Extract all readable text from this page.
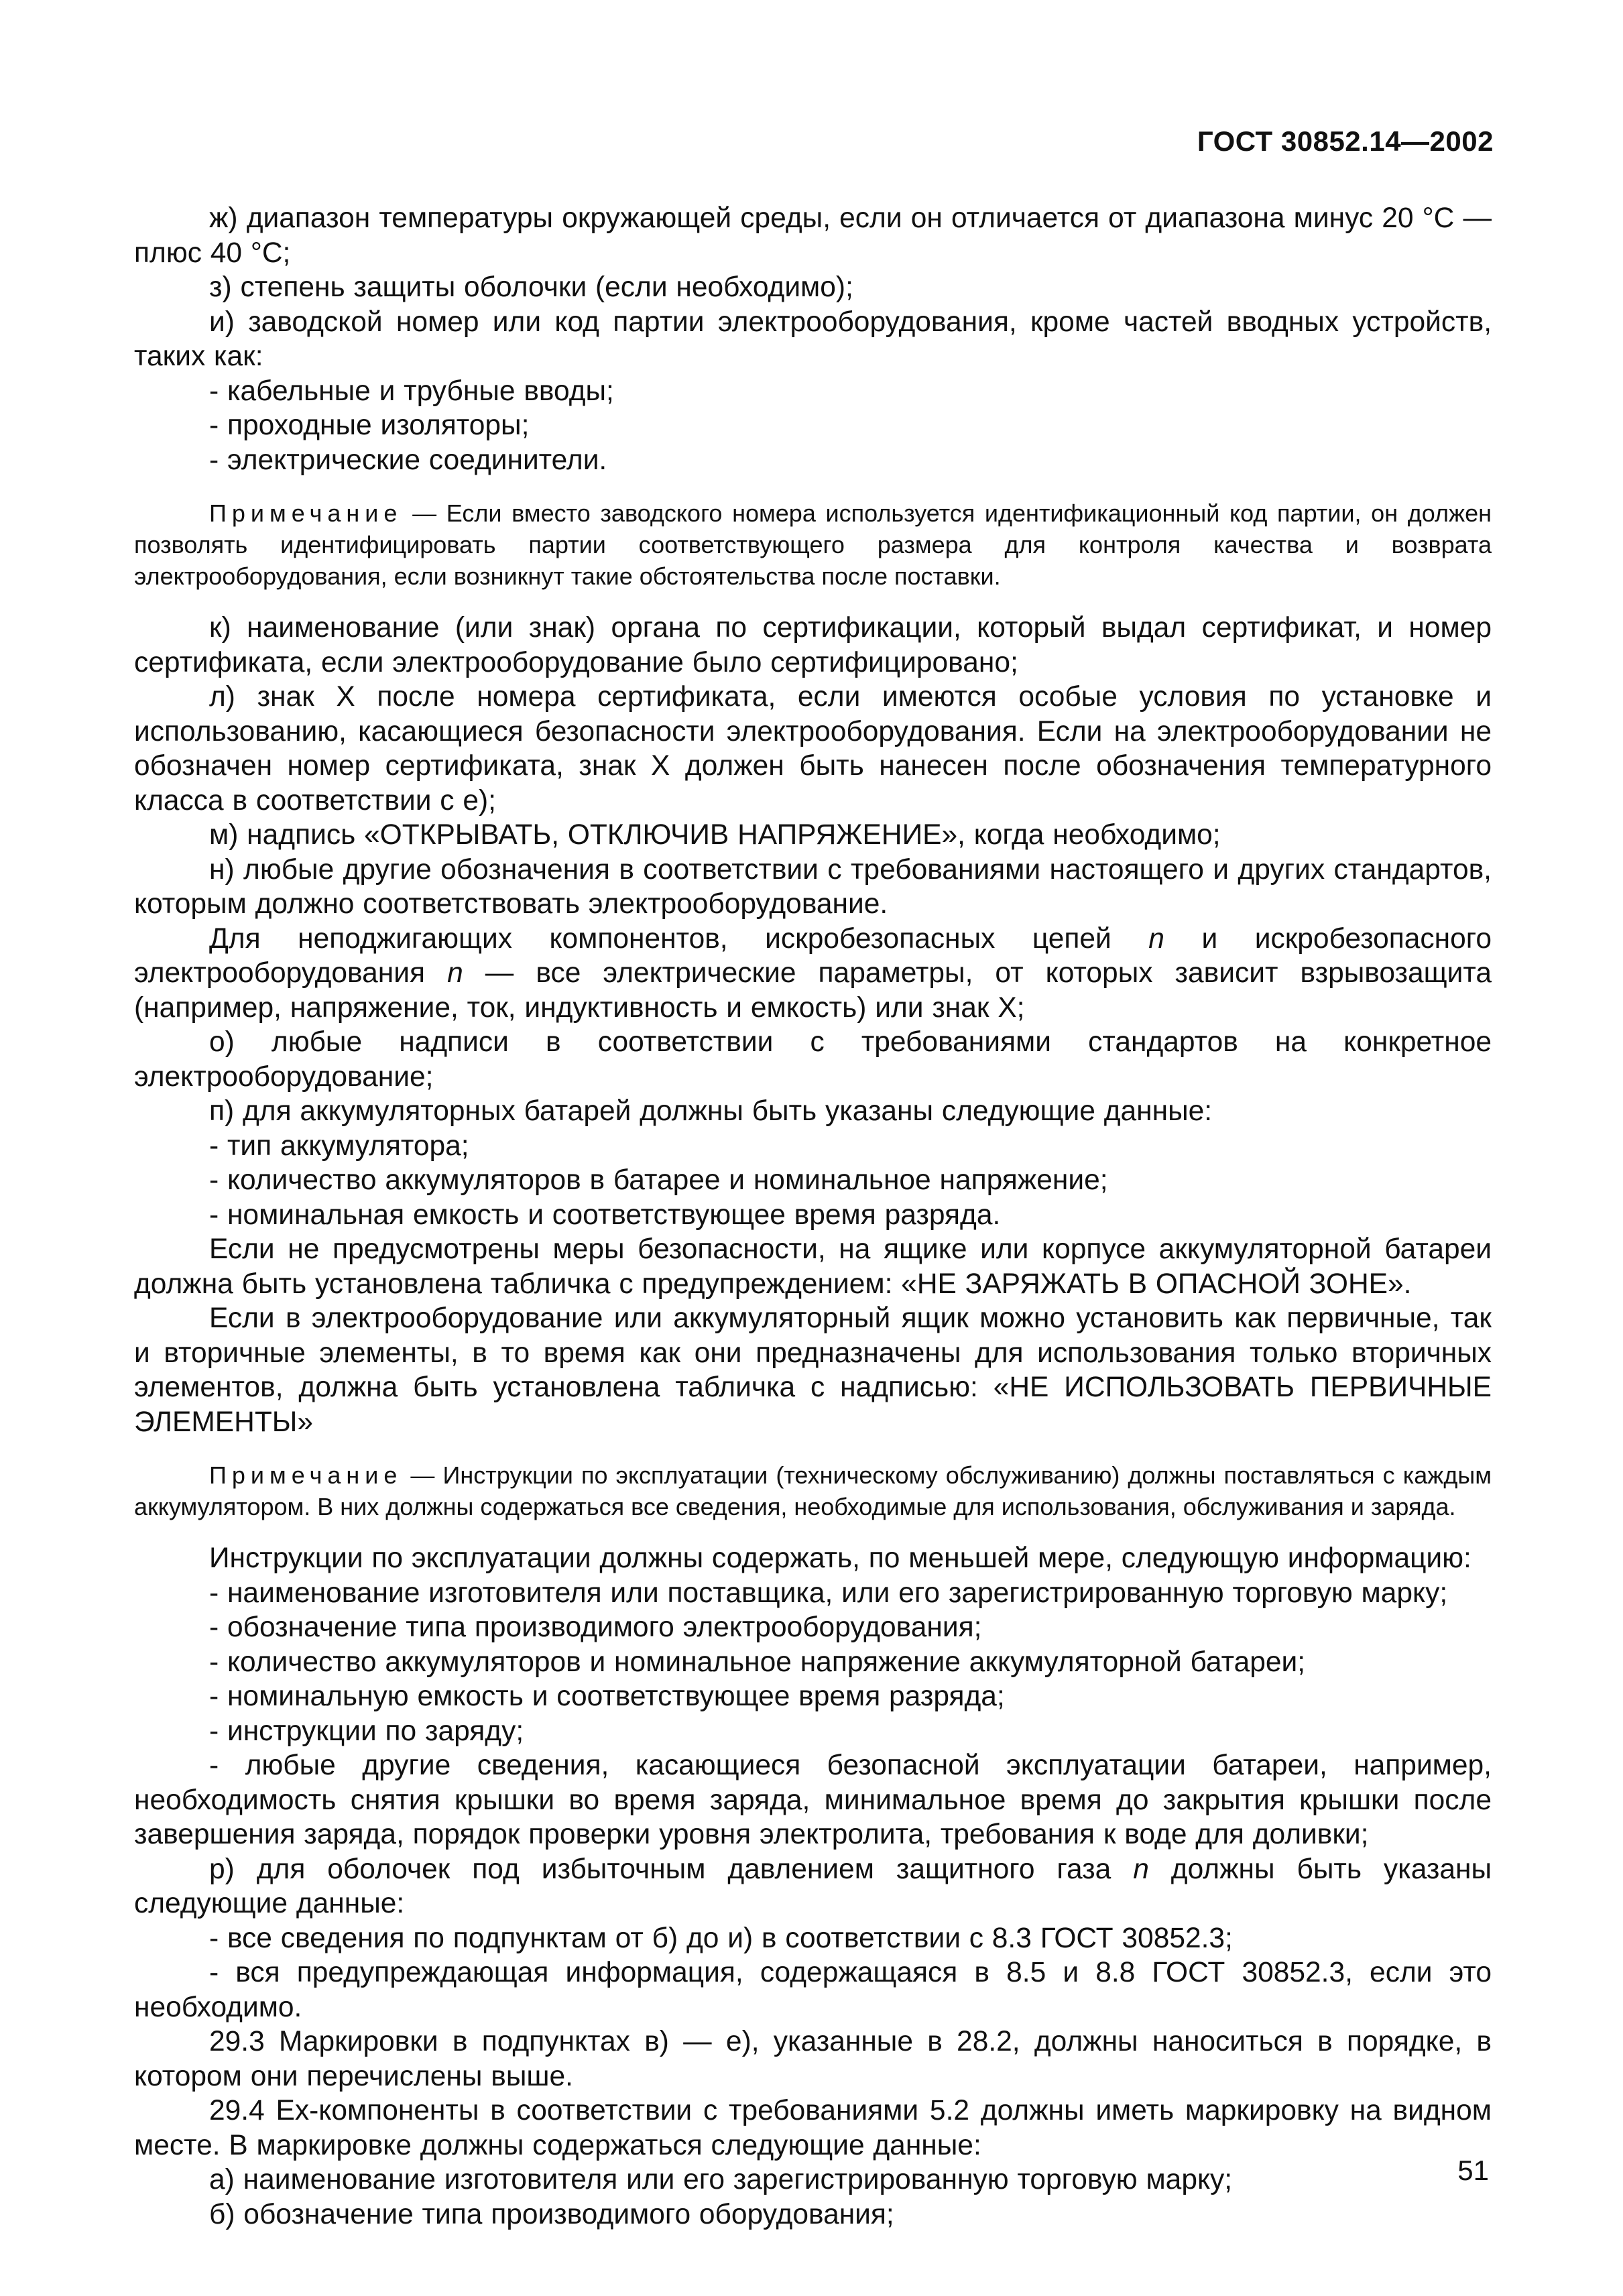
ГОСТ 30852.14—2002

ж) диапазон температуры окружающей среды, если он отличается от диапазона минус 20 °С — плюс 40 °С;

з) степень защиты оболочки (если необходимо);

и) заводской номер или код партии электрооборудования, кроме частей вводных устройств, таких как:

- кабельные и трубные вводы;

- проходные изоляторы;

- электрические соединители.

Примечание — Если вместо заводского номера используется идентификационный код партии, он должен позволять идентифицировать партии соответствующего размера для контроля качества и возврата электрооборудования, если возникнут такие обстоятельства после поставки.

к) наименование (или знак) органа по сертификации, который выдал сертификат, и номер сертификата, если электрооборудование было сертифицировано;

л) знак X после номера сертификата, если имеются особые условия по установке и использованию, касающиеся безопасности электрооборудования. Если на электрооборудовании не обозначен номер сертификата, знак X должен быть нанесен после обозначения температурного класса в соответствии с е);

м) надпись «ОТКРЫВАТЬ, ОТКЛЮЧИВ НАПРЯЖЕНИЕ», когда необходимо;

н) любые другие обозначения в соответствии с требованиями настоящего и других стандартов, которым должно соответствовать электрооборудование.

Для неподжигающих компонентов, искробезопасных цепей n и искробезопасного электрооборудования n — все электрические параметры, от которых зависит взрывозащита (например, напряжение, ток, индуктивность и емкость) или знак X;

о) любые надписи в соответствии с требованиями стандартов на конкретное электрооборудование;

п) для аккумуляторных батарей должны быть указаны следующие данные:

- тип аккумулятора;

- количество аккумуляторов в батарее и номинальное напряжение;

- номинальная емкость и соответствующее время разряда.

Если не предусмотрены меры безопасности, на ящике или корпусе аккумуляторной батареи должна быть установлена табличка с предупреждением: «НЕ ЗАРЯЖАТЬ В ОПАСНОЙ ЗОНЕ».

Если в электрооборудование или аккумуляторный ящик можно установить как первичные, так и вторичные элементы, в то время как они предназначены для использования только вторичных элементов, должна быть установлена табличка с надписью: «НЕ ИСПОЛЬЗОВАТЬ ПЕРВИЧНЫЕ ЭЛЕМЕНТЫ»

Примечание — Инструкции по эксплуатации (техническому обслуживанию) должны поставляться с каждым аккумулятором. В них должны содержаться все сведения, необходимые для использования, обслуживания и заряда.

Инструкции по эксплуатации должны содержать, по меньшей мере, следующую информацию:

- наименование изготовителя или поставщика, или его зарегистрированную торговую марку;

- обозначение типа производимого электрооборудования;

- количество аккумуляторов и номинальное напряжение аккумуляторной батареи;

- номинальную емкость и соответствующее время разряда;

- инструкции по заряду;

- любые другие сведения, касающиеся безопасной эксплуатации батареи, например, необходимость снятия крышки во время заряда, минимальное время до закрытия крышки после завершения заряда, порядок проверки уровня электролита, требования к воде для доливки;

р) для оболочек под избыточным давлением защитного газа n должны быть указаны следующие данные:

- все сведения по подпунктам от б) до и) в соответствии с 8.3 ГОСТ 30852.3;

- вся предупреждающая информация, содержащаяся в 8.5 и 8.8 ГОСТ 30852.3, если это необходимо.

29.3 Маркировки в подпунктах в) — е), указанные в 28.2, должны наноситься в порядке, в котором они перечислены выше.

29.4 Ex-компоненты в соответствии с требованиями 5.2 должны иметь маркировку на видном месте. В маркировке должны содержаться следующие данные:

а) наименование изготовителя или его зарегистрированную торговую марку;

б) обозначение типа производимого оборудования;

51
